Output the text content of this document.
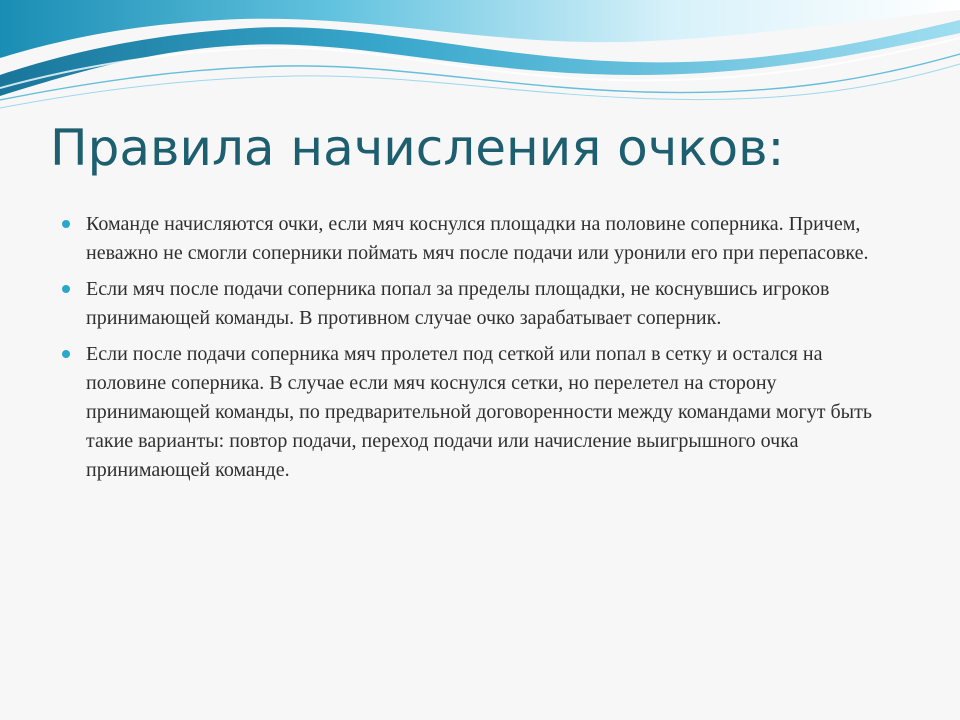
Правила начисления очков:
Команде начисляются очки, если мяч коснулся площадки на половине соперника. Причем, неважно не смогли соперники поймать мяч после подачи или уронили его при перепасовке.
Если мяч после подачи соперника попал за пределы площадки, не коснувшись игроков принимающей команды. В противном случае очко зарабатывает соперник.
Если после подачи соперника мяч пролетел под сеткой или попал в сетку и остался на половине соперника. В случае если мяч коснулся сетки, но перелетел на сторону принимающей команды, по предварительной договоренности между командами могут быть такие варианты: повтор подачи, переход подачи или начисление выигрышного очка принимающей команде.
